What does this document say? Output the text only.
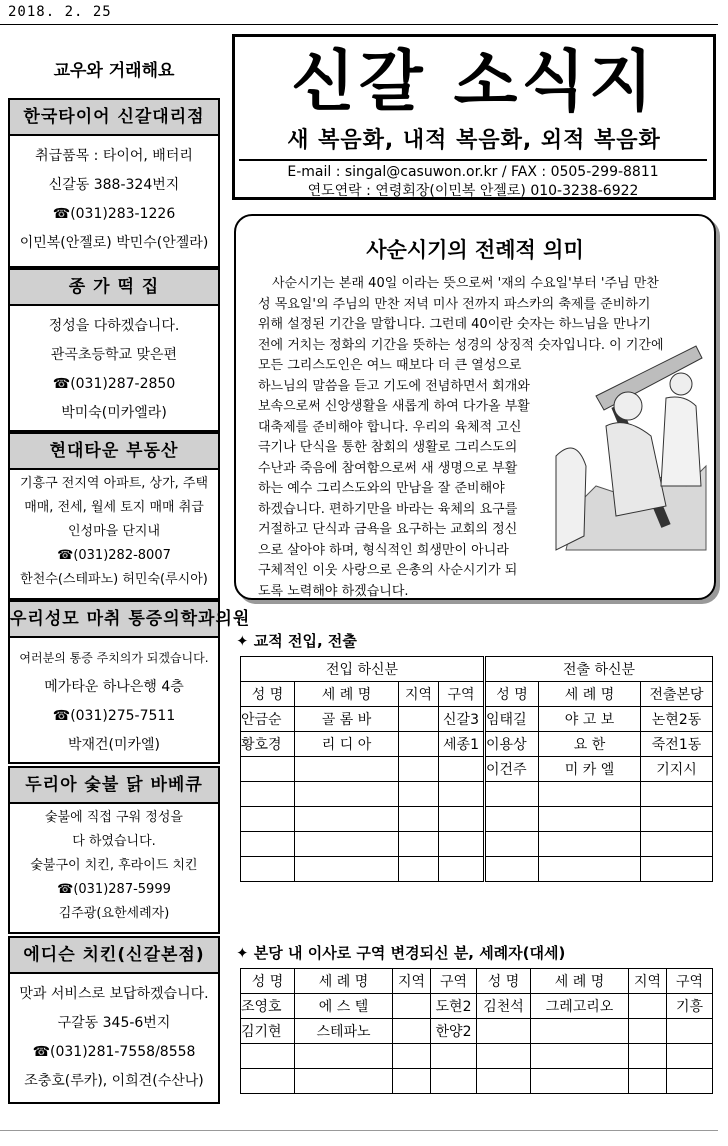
2018. 2. 25
교우와 거래해요
한국타이어 신갈대리점
취급품목 : 타이어, 배터리
신갈동 388-324번지
☎(031)283-1226
이민복(안젤로) 박민수(안젤라)
종 가 떡 집
정성을 다하겠습니다.
관곡초등학교 맞은편
☎(031)287-2850
박미숙(미카엘라)
현대타운 부동산
기흥구 전지역 아파트, 상가, 주택
매매, 전세, 월세 토지 매매 취급
인성마을 단지내
☎(031)282-8007
한천수(스테파노) 허민숙(루시아)
우리성모 마취 통증의학과의원
여러분의 통증 주치의가 되겠습니다.
메가타운 하나은행 4층
☎(031)275-7511
박재건(미카엘)
두리아 숯불 닭 바베큐
숯불에 직접 구워 정성을
다 하였습니다.
숯불구이 치킨, 후라이드 치킨
☎(031)287-5999
김주광(요한세례자)
에디슨 치킨(신갈본점)
맛과 서비스로 보답하겠습니다.
구갈동 345-6번지
☎(031)281-7558/8558
조충호(루카), 이희견(수산나)
신갈 소식지
새 복음화, 내적 복음화, 외적 복음화
E-mail : singal@casuwon.or.kr / FAX : 0505-299-8811
연도연락 : 연령회장(이민복 안젤로) 010-3238-6922
사순시기의 전례적 의미
사순시기는 본래 40일 이라는 뜻으로써 '재의 수요일'부터 '주님 만찬
성 목요일'의 주님의 만찬 저녁 미사 전까지 파스카의 축제를 준비하기
위해 설정된 기간을 말합니다. 그런데 40이란 숫자는 하느님을 만나기
전에 거치는 정화의 기간을 뜻하는 성경의 상징적 숫자입니다. 이 기간에
모든 그리스도인은 여느 때보다 더 큰 열성으로
하느님의 말씀을 듣고 기도에 전념하면서 회개와
보속으로써 신앙생활을 새롭게 하여 다가올 부활
대축제를 준비해야 합니다. 우리의 육체적 고신
극기나 단식을 통한 참회의 생활로 그리스도의
수난과 죽음에 참여함으로써 새 생명으로 부활
하는 예수 그리스도와의 만남을 잘 준비해야
하겠습니다. 편하기만을 바라는 육체의 요구를
거절하고 단식과 금욕을 요구하는 교회의 정신
으로 살아야 하며, 형식적인 희생만이 아니라
구체적인 이웃 사랑으로 은총의 사순시기가 되
도록 노력해야 하겠습니다.
✦ 교적 전입, 전출
전입 하신분				전출 하신분		
성 명	세 례 명	지역	구역	성 명	세 례 명	전출본당
안금순	골 롬 바		신갈3	임태길	야 고 보	논현2동
황호경	리 디 아		세종1	이용상	요 한	죽전1동
				이건주	미 카 엘	기지시

✦ 본당 내 이사로 구역 변경되신 분, 세례자(대세)
성 명	세 례 명	지역	구역	성 명	세 례 명	지역	구역
조영호	에 스 텔		도현2	김천석	그레고리오		기흥
김기현	스테파노		한양2				
